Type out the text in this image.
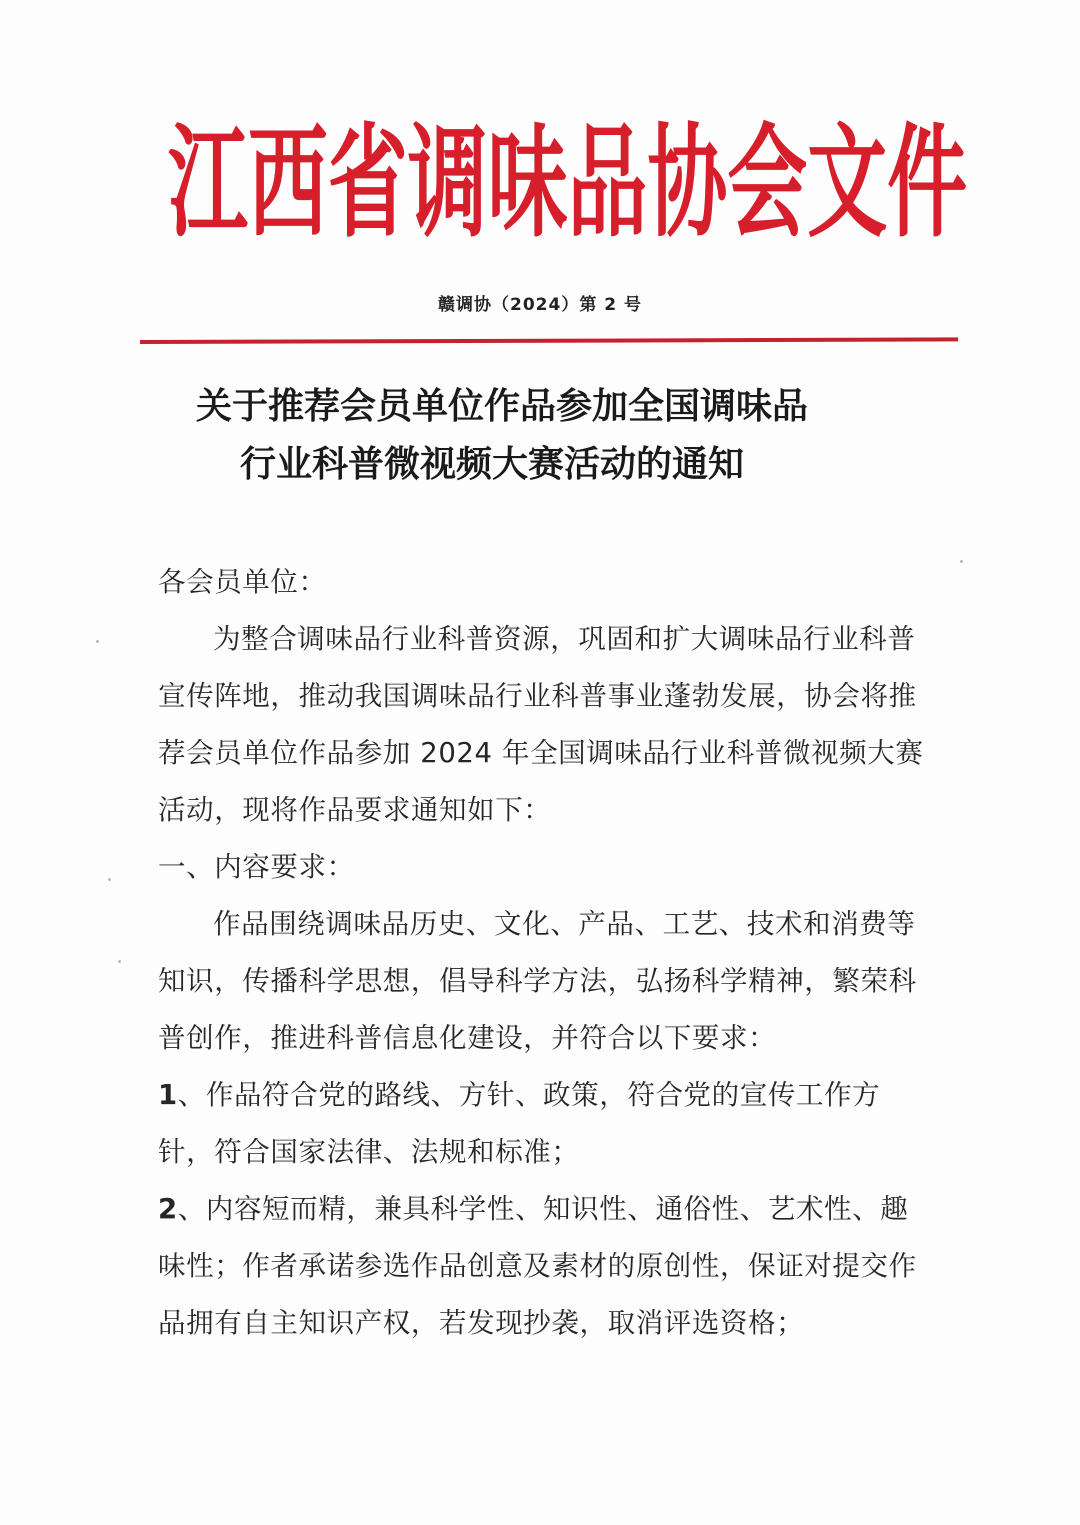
江西省调味品协会文件
赣调协（2024）第 2 号
关于推荐会员单位作品参加全国调味品
行业科普微视频大赛活动的通知

各会员单位：

为整合调味品行业科普资源，巩固和扩大调味品行业科普宣传阵地，推动我国调味品行业科普事业蓬勃发展，协会将推荐会员单位作品参加 2024 年全国调味品行业科普微视频大赛活动，现将作品要求通知如下：

一、内容要求：

作品围绕调味品历史、文化、产品、工艺、技术和消费等知识，传播科学思想，倡导科学方法，弘扬科学精神，繁荣科普创作，推进科普信息化建设，并符合以下要求：

1、作品符合党的路线、方针、政策，符合党的宣传工作方针，符合国家法律、法规和标准；

2、内容短而精，兼具科学性、知识性、通俗性、艺术性、趣味性；作者承诺参选作品创意及素材的原创性，保证对提交作品拥有自主知识产权，若发现抄袭，取消评选资格；
